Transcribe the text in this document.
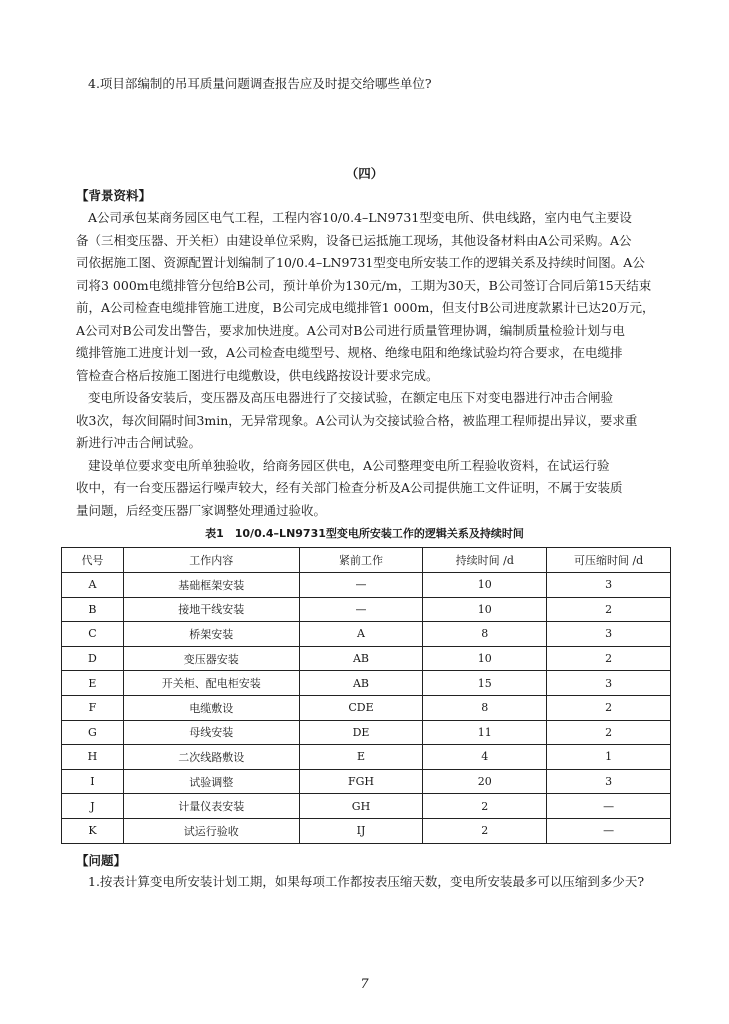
4.项目部编制的吊耳质量问题调查报告应及时提交给哪些单位?
（四）
【背景资料】

A公司承包某商务园区电气工程，工程内容10/0.4–LN9731型变电所、供电线路，室内电气主要设
备（三相变压器、开关柜）由建设单位采购，设备已运抵施工现场，其他设备材料由A公司采购。A公
司依据施工图、资源配置计划编制了10/0.4–LN9731型变电所安装工作的逻辑关系及持续时间图。A公
司将3 000m电缆排管分包给B公司，预计单价为130元/m，工期为30天，B公司签订合同后第15天结束
前，A公司检查电缆排管施工进度，B公司完成电缆排管1 000m，但支付B公司进度款累计已达20万元，
A公司对B公司发出警告，要求加快进度。A公司对B公司进行质量管理协调，编制质量检验计划与电
缆排管施工进度计划一致，A公司检查电缆型号、规格、绝缘电阻和绝缘试验均符合要求，在电缆排
管检查合格后按施工图进行电缆敷设，供电线路按设计要求完成。

变电所设备安装后，变压器及高压电器进行了交接试验，在额定电压下对变电器进行冲击合闸验
收3次，每次间隔时间3min，无异常现象。A公司认为交接试验合格，被监理工程师提出异议，要求重
新进行冲击合闸试验。

建设单位要求变电所单独验收，给商务园区供电，A公司整理变电所工程验收资料，在试运行验
收中，有一台变压器运行噪声较大，经有关部门检查分析及A公司提供施工文件证明，不属于安装质
量问题，后经变压器厂家调整处理通过验收。

表1　10/0.4–LN9731型变电所安装工作的逻辑关系及持续时间
代号	工作内容	紧前工作	持续时间 /d	可压缩时间 /d
A	基础框架安装	—	10	3
B	接地干线安装	—	10	2
C	桥架安装	A	8	3
D	变压器安装	AB	10	2
E	开关柜、配电柜安装	AB	15	3
F	电缆敷设	CDE	8	2
G	母线安装	DE	11	2
H	二次线路敷设	E	4	1
I	试验调整	FGH	20	3
J	计量仪表安装	GH	2	—
K	试运行验收	IJ	2	—
【问题】
1.按表计算变电所安装计划工期，如果每项工作都按表压缩天数，变电所安装最多可以压缩到多少天?
7
